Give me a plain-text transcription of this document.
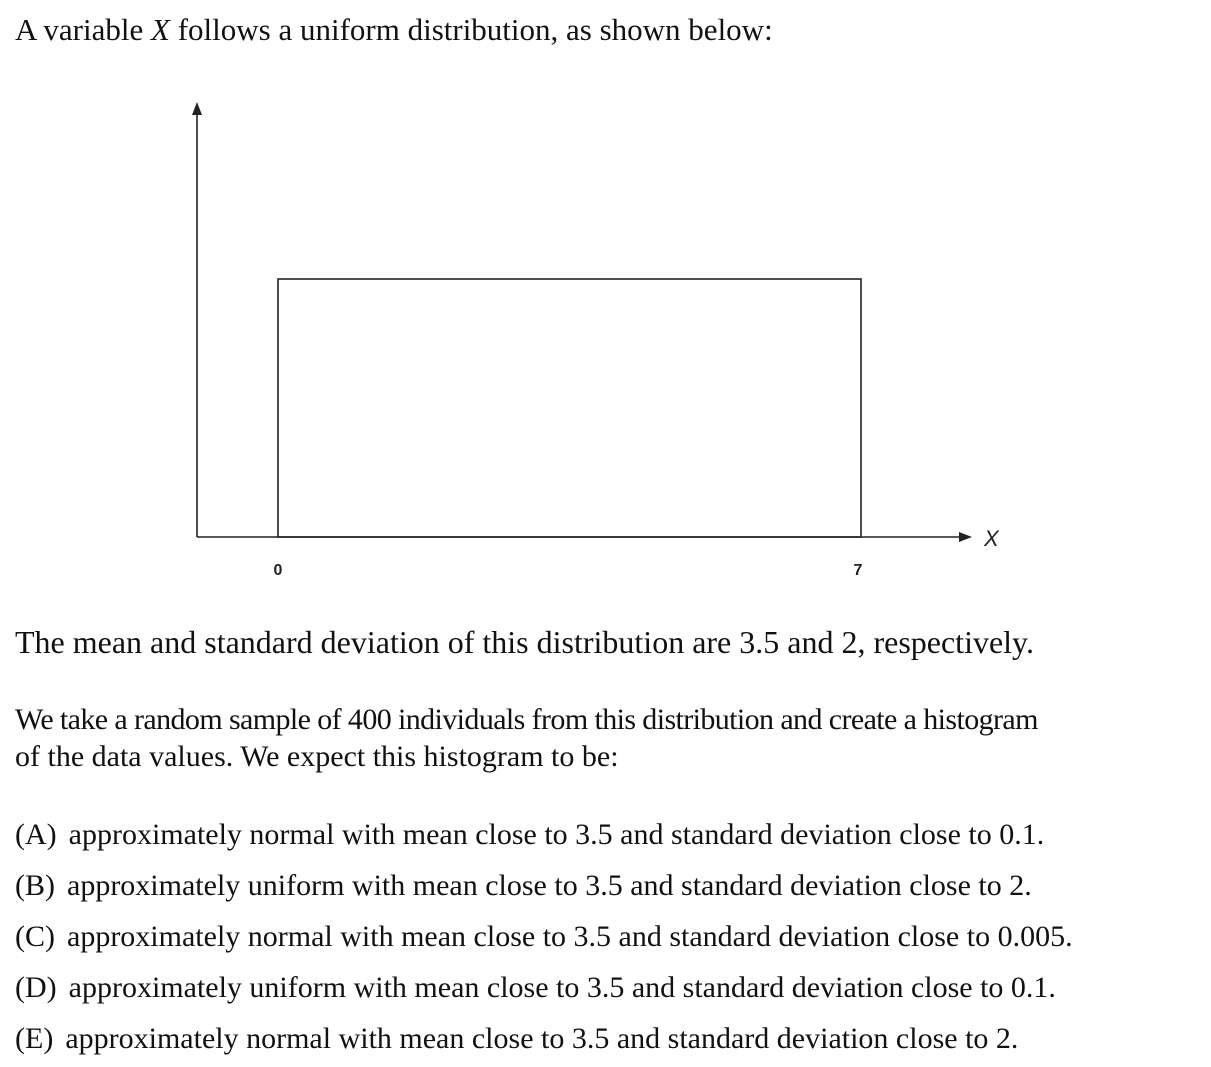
A variable X follows a uniform distribution, as shown below:
X
0	7
The mean and standard deviation of this distribution are 3.5 and 2, respectively.
We take a random sample of 400 individuals from this distribution and create a histogram
of the data values. We expect this histogram to be:
(A) approximately normal with mean close to 3.5 and standard deviation close to 0.1.
(B) approximately uniform with mean close to 3.5 and standard deviation close to 2.
(C) approximately normal with mean close to 3.5 and standard deviation close to 0.005.
(D) approximately uniform with mean close to 3.5 and standard deviation close to 0.1.
(E) approximately normal with mean close to 3.5 and standard deviation close to 2.
